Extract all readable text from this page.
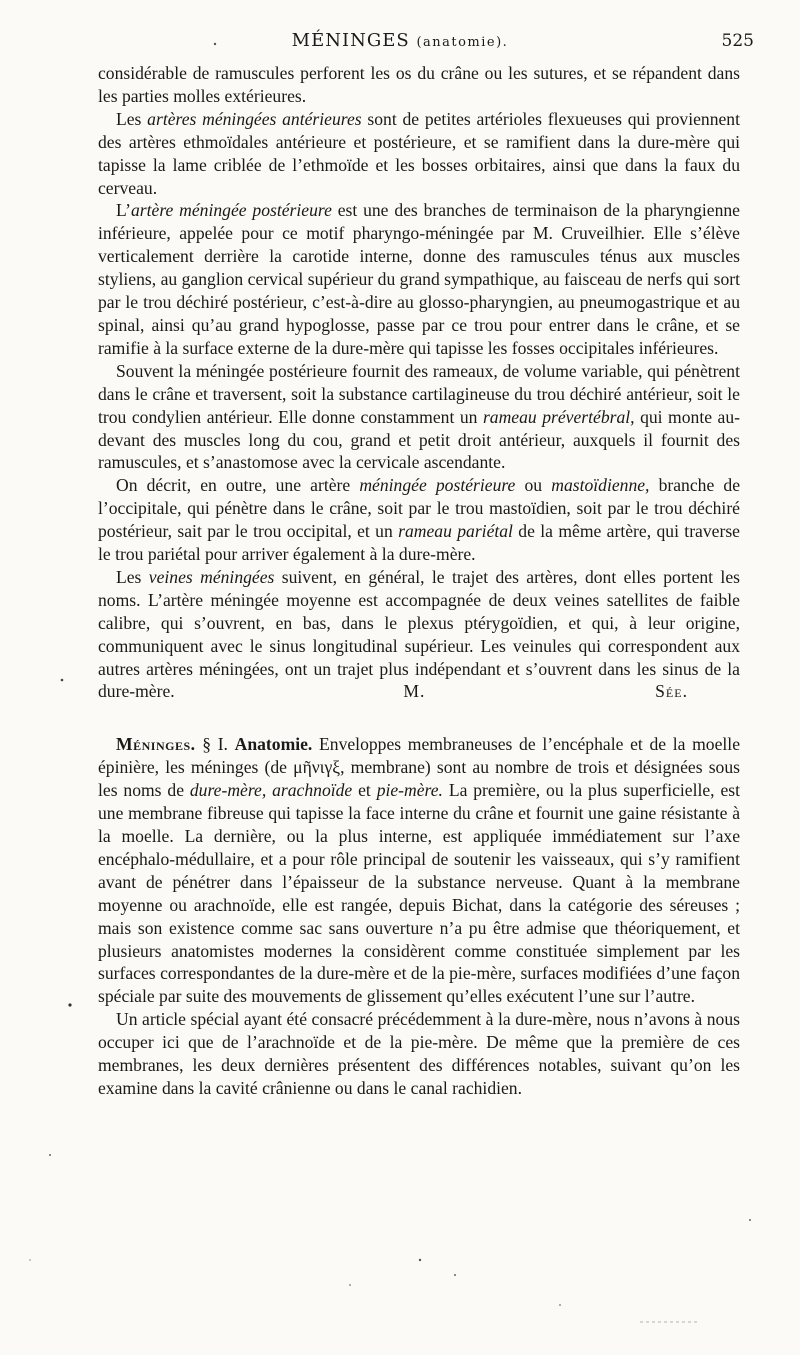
MÉNINGES (anatomie).	525

considérable de ramuscules perforent les os du crâne ou les sutures, et se répandent dans les parties molles extérieures.

Les artères méningées antérieures sont de petites artérioles flexueuses qui proviennent des artères ethmoïdales antérieure et postérieure, et se ramifient dans la dure-mère qui tapisse la lame criblée de l’ethmoïde et les bosses orbitaires, ainsi que dans la faux du cerveau.

L’artère méningée postérieure est une des branches de terminaison de la pharyngienne inférieure, appelée pour ce motif pharyngo-méningée par M. Cruveilhier. Elle s’élève verticalement derrière la carotide interne, donne des ramuscules ténus aux muscles styliens, au ganglion cervical supérieur du grand sympathique, au faisceau de nerfs qui sort par le trou déchiré postérieur, c’est-à-dire au glosso-pharyngien, au pneumogastrique et au spinal, ainsi qu’au grand hypoglosse, passe par ce trou pour entrer dans le crâne, et se ramifie à la surface externe de la dure-mère qui tapisse les fosses occipitales inférieures.

Souvent la méningée postérieure fournit des rameaux, de volume variable, qui pénètrent dans le crâne et traversent, soit la substance cartilagineuse du trou déchiré antérieur, soit le trou condylien antérieur. Elle donne constamment un rameau prévertébral, qui monte au-devant des muscles long du cou, grand et petit droit antérieur, auxquels il fournit des ramuscules, et s’anastomose avec la cervicale ascendante.

On décrit, en outre, une artère méningée postérieure ou mastoïdienne, branche de l’occipitale, qui pénètre dans le crâne, soit par le trou mastoïdien, soit par le trou déchiré postérieur, sait par le trou occipital, et un rameau pariétal de la même artère, qui traverse le trou pariétal pour arriver également à la dure-mère.

Les veines méningées suivent, en général, le trajet des artères, dont elles portent les noms. L’artère méningée moyenne est accompagnée de deux veines satellites de faible calibre, qui s’ouvrent, en bas, dans le plexus ptérygoïdien, et qui, à leur origine, communiquent avec le sinus longitudinal supérieur. Les veinules qui correspondent aux autres artères méningées, ont un trajet plus indépendant et s’ouvrent dans les sinus de la dure-mère.	M. Sée.

Méninges. § I. Anatomie. Enveloppes membraneuses de l’encéphale et de la moelle épinière, les méninges (de μῆνιγξ, membrane) sont au nombre de trois et désignées sous les noms de dure-mère, arachnoïde et pie-mère. La première, ou la plus superficielle, est une membrane fibreuse qui tapisse la face interne du crâne et fournit une gaine résistante à la moelle. La dernière, ou la plus interne, est appliquée immédiatement sur l’axe encéphalo-médullaire, et a pour rôle principal de soutenir les vaisseaux, qui s’y ramifient avant de pénétrer dans l’épaisseur de la substance nerveuse. Quant à la membrane moyenne ou arachnoïde, elle est rangée, depuis Bichat, dans la catégorie des séreuses ; mais son existence comme sac sans ouverture n’a pu être admise que théoriquement, et plusieurs anatomistes modernes la considèrent comme constituée simplement par les surfaces correspondantes de la dure-mère et de la pie-mère, surfaces modifiées d’une façon spéciale par suite des mouvements de glissement qu’elles exécutent l’une sur l’autre.

Un article spécial ayant été consacré précédemment à la dure-mère, nous n’avons à nous occuper ici que de l’arachnoïde et de la pie-mère. De même que la première de ces membranes, les deux dernières présentent des différences notables, suivant qu’on les examine dans la cavité crânienne ou dans le canal rachidien.
